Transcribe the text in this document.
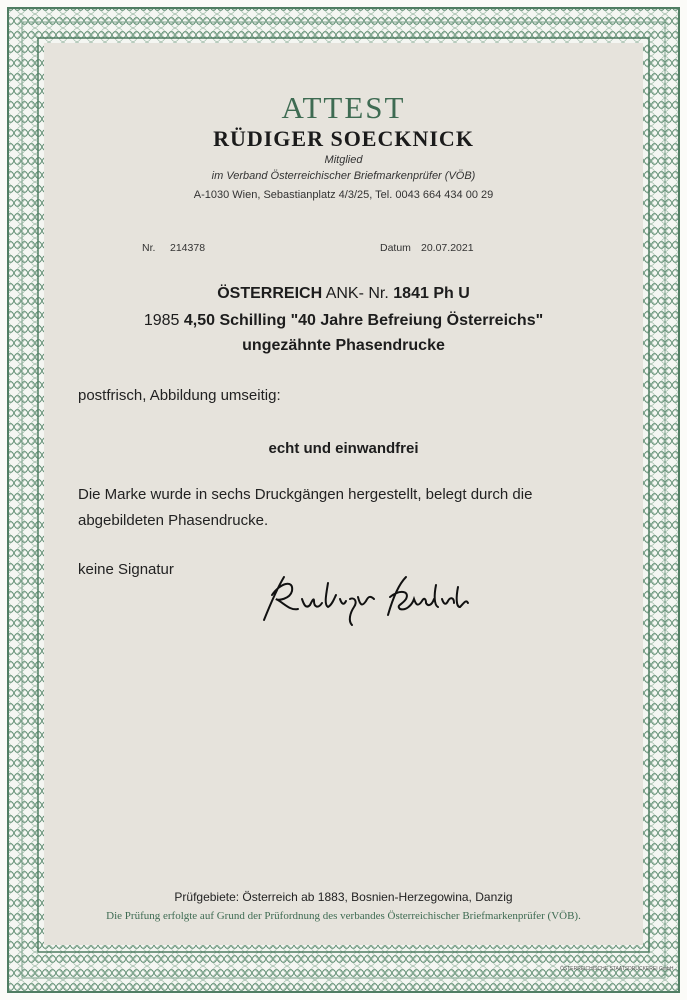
ATTEST
RÜDIGER SOECKNICK
Mitglied
im Verband Österreichischer Briefmarkenprüfer (VÖB)
A-1030 Wien, Sebastianplatz 4/3/25, Tel. 0043 664 434 00 29
Nr. 214378	Datum 20.07.2021
ÖSTERREICH ANK- Nr. 1841 Ph U
1985 4,50 Schilling "40 Jahre Befreiung Österreichs"
ungezähnte Phasendrucke
postfrisch, Abbildung umseitig:
echt und einwandfrei
Die Marke wurde in sechs Druckgängen hergestellt, belegt durch die
abgebildeten Phasendrucke.
keine Signatur
Prüfgebiete: Österreich ab 1883, Bosnien-Herzegowina, Danzig
Die Prüfung erfolgte auf Grund der Prüfordnung des verbandes Österreichischer Briefmarkenprüfer (VÖB).
ÖSTERREICHISCHE STAATSDRUCKEREI GmbH
